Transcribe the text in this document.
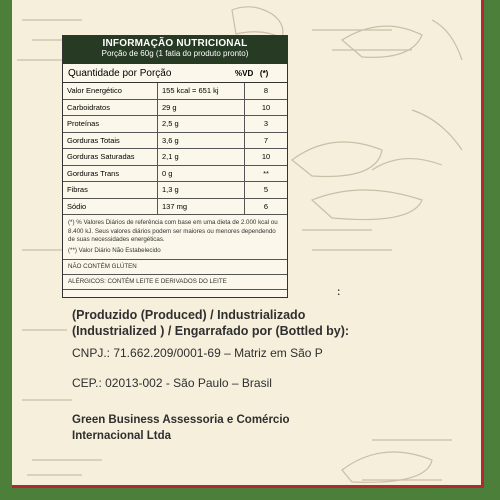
INFORMAÇÃO NUTRICIONAL
Porção de 60g (1 fatia do produto pronto)
Quantidade por Porção	%VD (*)
Valor Energético	155 kcal = 651 kj	8
Carboidratos	29 g	10
Proteínas	2,5 g	3
Gorduras Totais	3,6 g	7
Gorduras Saturadas	2,1 g	10
Gorduras Trans	0 g	**
Fibras	1,3 g	5
Sódio	137 mg	6
(*) % Valores Diários de referência com base em uma dieta de 2.000 kcal ou 8.400 kJ. Seus valores diários podem ser maiores ou menores dependendo de suas necessidades energéticas.
(**) Valor Diário Não Estabelecido
NÃO CONTÉM GLÚTEN
ALÉRGICOS: CONTÉM LEITE E DERIVADOS DO LEITE
:
(Produzido (Produced) / Industrializado
(Industrialized ) / Engarrafado por (Bottled by):
CNPJ.: 71.662.209/0001-69 – Matriz em São P
CEP.: 02013-002 - São Paulo – Brasil
Green Business Assessoria e Comércio
Internacional Ltda
